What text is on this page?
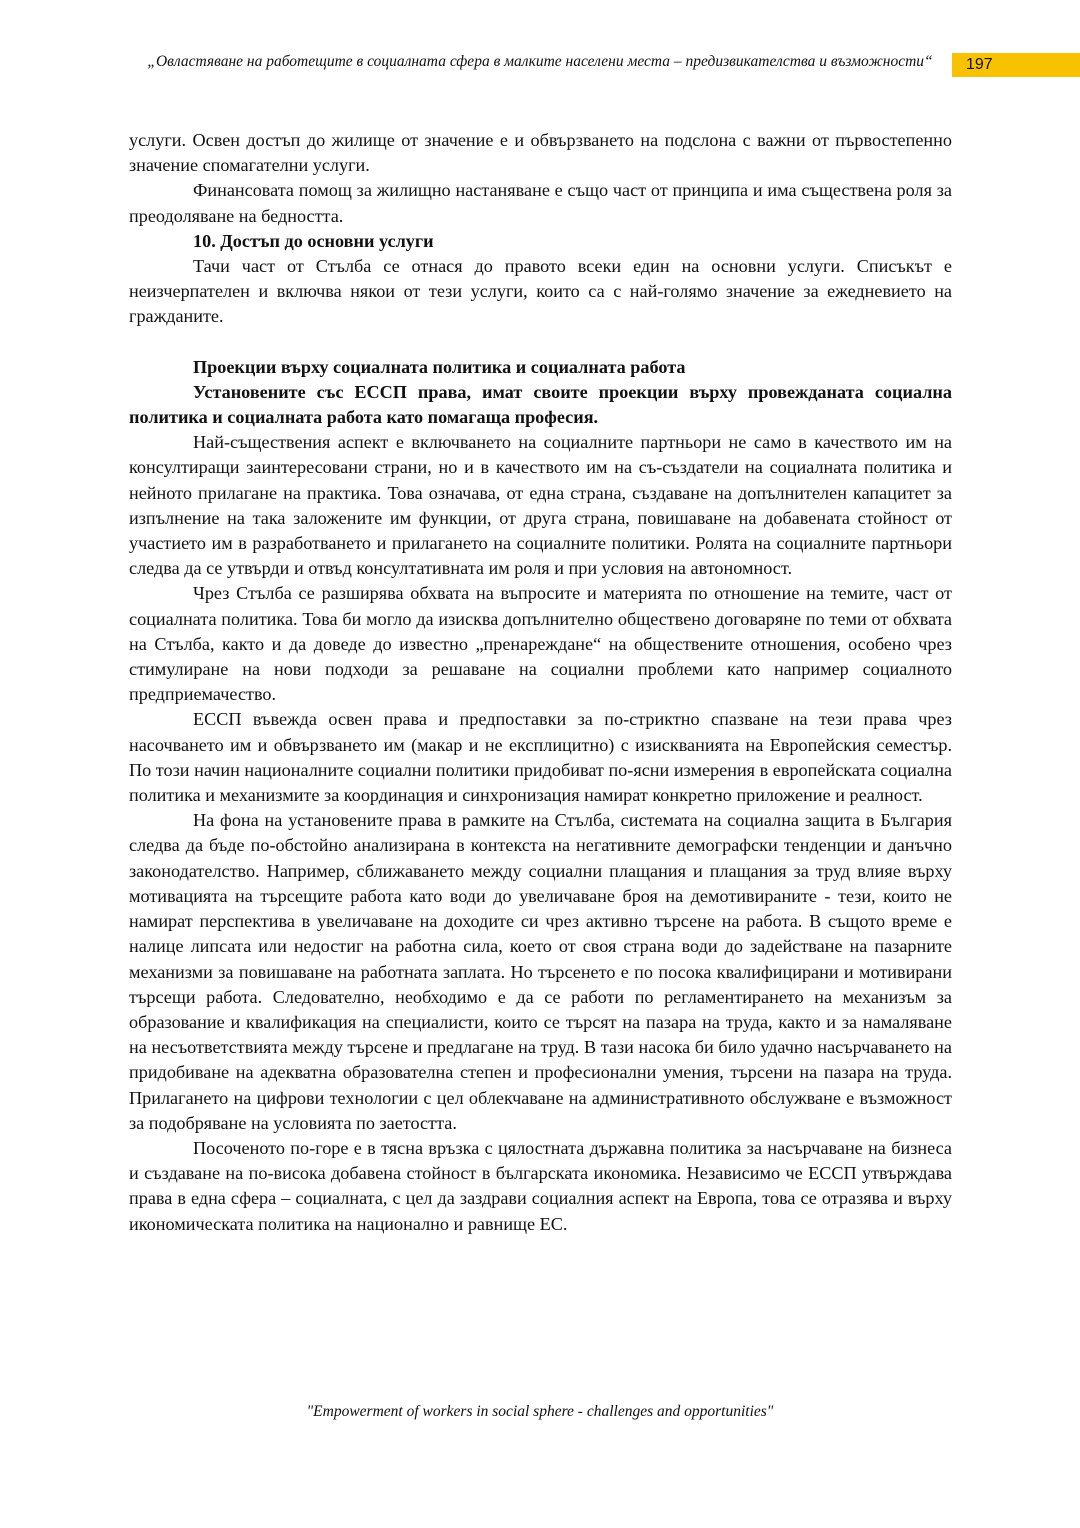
„Овластяване на работещите в социалната сфера в малките населени места – предизвикателства и възможности“	197

услуги. Освен достъп до жилище от значение е и обвързването на подслона с важни от първостепенно значение спомагателни услуги.

Финансовата помощ за жилищно настаняване е също част от принципа и има съществена роля за преодоляване на бедността.

10. Достъп до основни услуги

Тачи част от Стълба се отнася до правото всеки един на основни услуги. Списъкът е неизчерпателен и включва някои от тези услуги, които са с най-голямо значение за ежедневието на гражданите.

Проекции върху социалната политика и социалната работа

Установените със ЕССП права, имат своите проекции върху провежданата социална политика и социалната работа като помагаща професия.

Най-съществения аспект е включването на социалните партньори не само в качеството им на консултиращи заинтересовани страни, но и в качеството им на съ-създатели на социалната политика и нейното прилагане на практика. Това означава, от една страна, създаване на допълнителен капацитет за изпълнение на така заложените им функции, от друга страна, повишаване на добавената стойност от участието им в разработването и прилагането на социалните политики. Ролята на социалните партньори следва да се утвърди и отвъд консултативната им роля и при условия на автономност.

Чрез Стълба се разширява обхвата на въпросите и материята по отношение на темите, част от социалната политика. Това би могло да изисква допълнително обществено договаряне по теми от обхвата на Стълба, както и да доведе до известно „пренареждане“ на обществените отношения, особено чрез стимулиране на нови подходи за решаване на социални проблеми като например социалното предприемачество.

ЕССП въвежда освен права и предпоставки за по-стриктно спазване на тези права чрез насочването им и обвързването им (макар и не експлицитно) с изискванията на Европейския семестър. По този начин националните социални политики придобиват по-ясни измерения в европейската социална политика и механизмите за координация и синхронизация намират конкретно приложение и реалност.

На фона на установените права в рамките на Стълба, системата на социална защита в България следва да бъде по-обстойно анализирана в контекста на негативните демографски тенденции и данъчно законодателство. Например, сближаването между социални плащания и плащания за труд влияе върху мотивацията на търсещите работа като води до увеличаване броя на демотивираните - тези, които не намират перспектива в увеличаване на доходите си чрез активно търсене на работа. В същото време е налице липсата или недостиг на работна сила, което от своя страна води до задействане на пазарните механизми за повишаване на работната заплата. Но търсенето е по посока квалифицирани и мотивирани търсещи работа. Следователно, необходимо е да се работи по регламентирането на механизъм за образование и квалификация на специалисти, които се търсят на пазара на труда, както и за намаляване на несъответствията между търсене и предлагане на труд. В тази насока би било удачно насърчаването на придобиване на адекватна образователна степен и професионални умения, търсени на пазара на труда. Прилагането на цифрови технологии с цел облекчаване на административното обслужване е възможност за подобряване на условията по заетостта.

Посоченото по-горе е в тясна връзка с цялостната държавна политика за насърчаване на бизнеса и създаване на по-висока добавена стойност в българската икономика. Независимо че ЕССП утвърждава права в една сфера – социалната, с цел да заздрави социалния аспект на Европа, това се отразява и върху икономическата политика на национално и равнище ЕС.

"Empowerment of workers in social sphere - challenges and opportunities"
